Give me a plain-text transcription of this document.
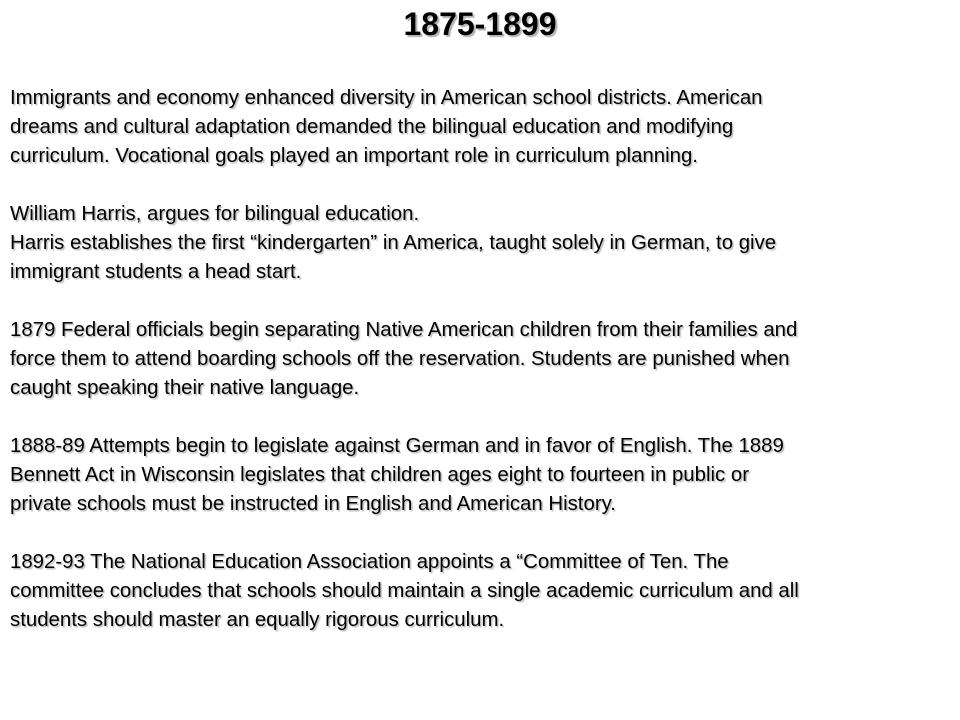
1875-1899
Immigrants and economy enhanced diversity in American school districts. American
dreams and cultural adaptation demanded the bilingual education and modifying
curriculum. Vocational goals played an important role in curriculum planning.
William Harris, argues for bilingual education.
Harris establishes the first “kindergarten” in America, taught solely in German, to give
immigrant students a head start.
1879 Federal officials begin separating Native American children from their families and
force them to attend boarding schools off the reservation. Students are punished when
caught speaking their native language.
1888-89 Attempts begin to legislate against German and in favor of English. The 1889
Bennett Act in Wisconsin legislates that children ages eight to fourteen in public or
private schools must be instructed in English and American History.
1892-93 The National Education Association appoints a “Committee of Ten. The
committee concludes that schools should maintain a single academic curriculum and all
students should master an equally rigorous curriculum.
